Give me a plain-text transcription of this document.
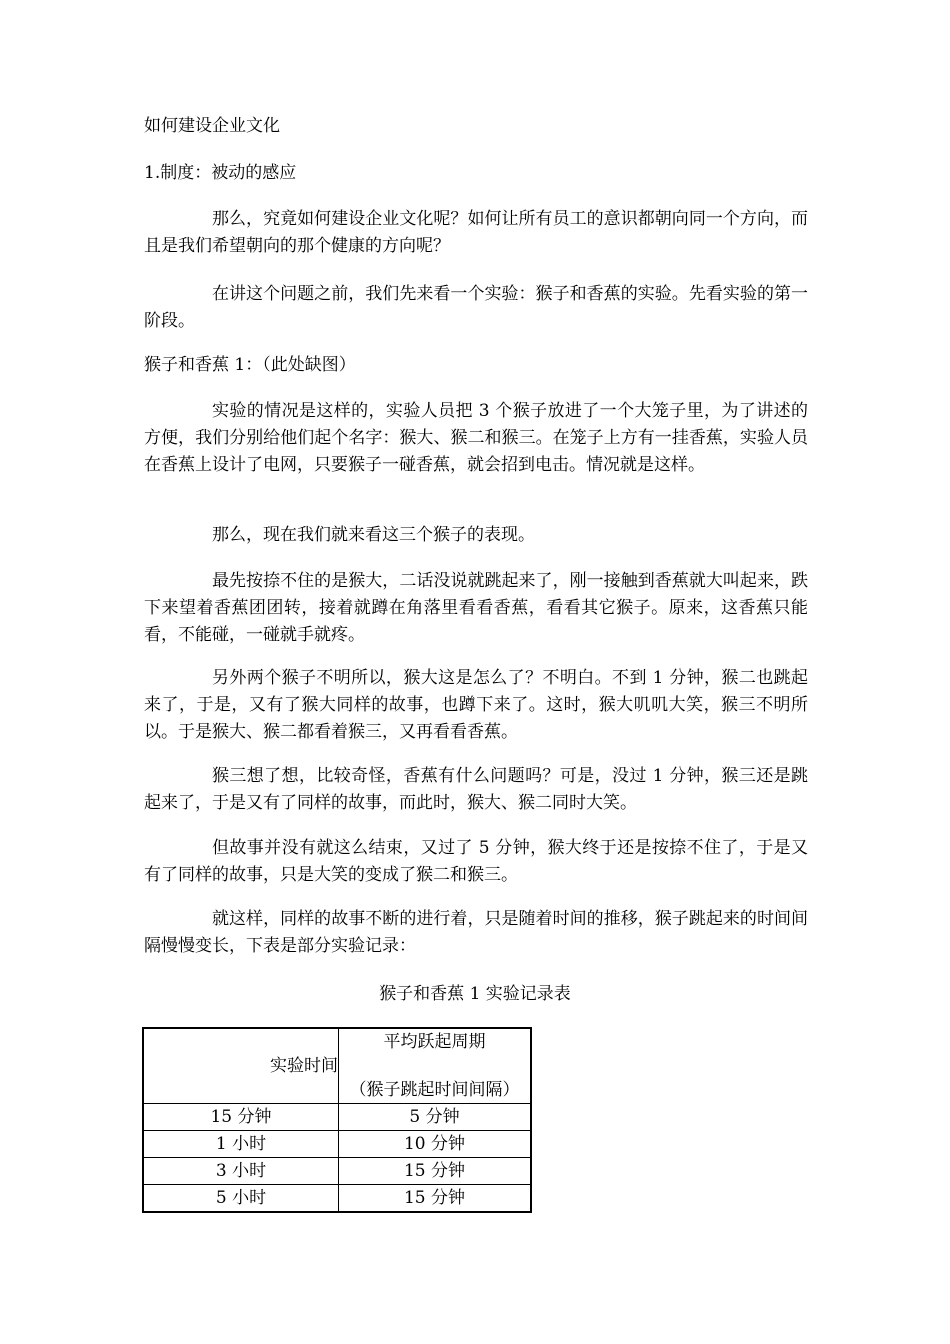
如何建设企业文化
1.制度：被动的感应
那么，究竟如何建设企业文化呢？如何让所有员工的意识都朝向同一个方向，而且是我们希望朝向的那个健康的方向呢？
在讲这个问题之前，我们先来看一个实验：猴子和香蕉的实验。先看实验的第一阶段。
猴子和香蕉 1：（此处缺图）
实验的情况是这样的，实验人员把 3 个猴子放进了一个大笼子里，为了讲述的方便，我们分别给他们起个名字：猴大、猴二和猴三。在笼子上方有一挂香蕉，实验人员在香蕉上设计了电网，只要猴子一碰香蕉，就会招到电击。情况就是这样。
那么，现在我们就来看这三个猴子的表现。
最先按捺不住的是猴大，二话没说就跳起来了，刚一接触到香蕉就大叫起来，跌下来望着香蕉团团转，接着就蹲在角落里看看香蕉，看看其它猴子。原来，这香蕉只能看，不能碰，一碰就手就疼。
另外两个猴子不明所以，猴大这是怎么了？不明白。不到 1 分钟，猴二也跳起来了，于是，又有了猴大同样的故事，也蹲下来了。这时，猴大叽叽大笑，猴三不明所以。于是猴大、猴二都看着猴三，又再看看香蕉。
猴三想了想，比较奇怪，香蕉有什么问题吗？可是，没过 1 分钟，猴三还是跳起来了，于是又有了同样的故事，而此时，猴大、猴二同时大笑。
但故事并没有就这么结束，又过了 5 分钟，猴大终于还是按捺不住了，于是又有了同样的故事，只是大笑的变成了猴二和猴三。
就这样，同样的故事不断的进行着，只是随着时间的推移，猴子跳起来的时间间隔慢慢变长，下表是部分实验记录：
猴子和香蕉 1 实验记录表
实验时间	平均跃起周期
（猴子跳起时间间隔）

15 分钟	5 分钟
1 小时	10 分钟
3 小时	15 分钟
5 小时	15 分钟
